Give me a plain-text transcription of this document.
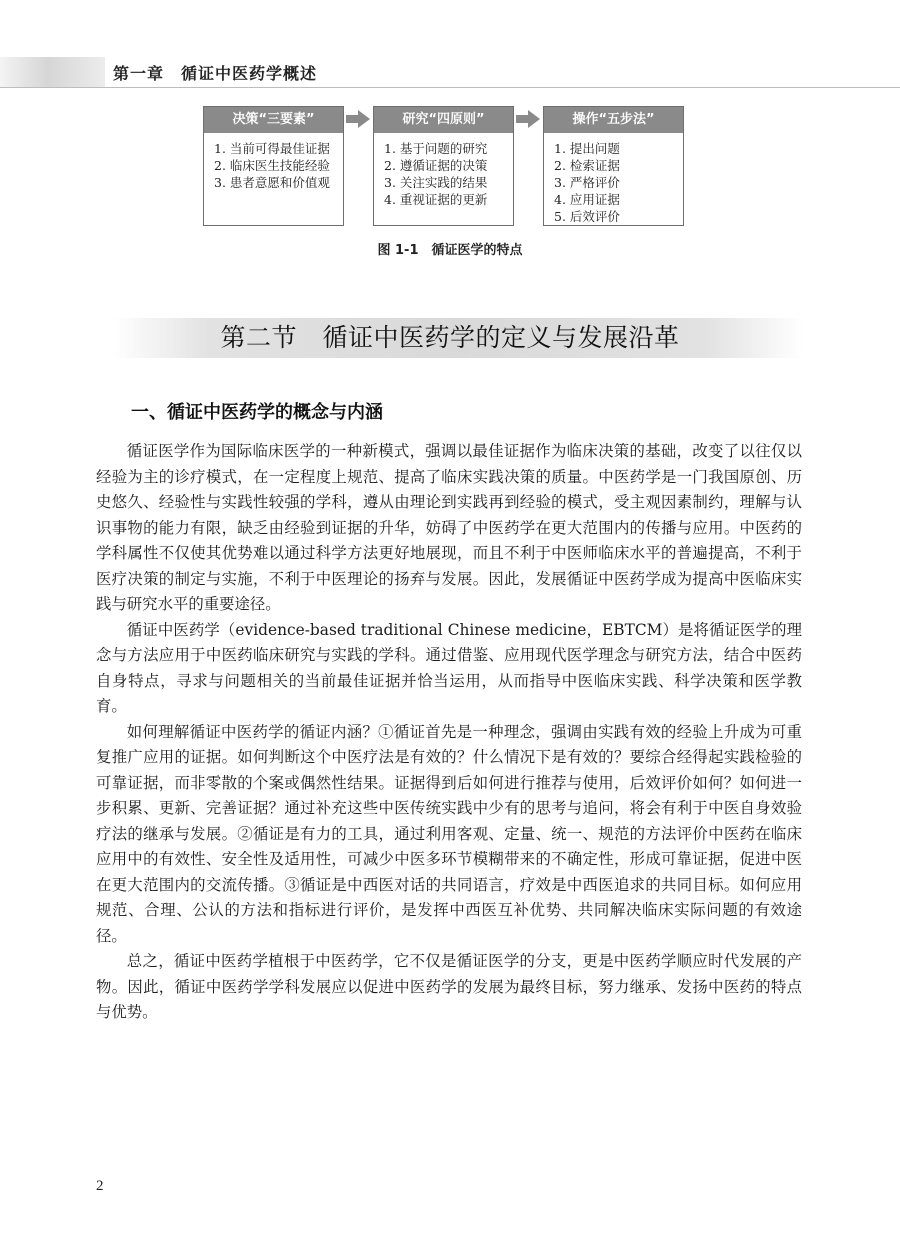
第一章　循证中医药学概述
决策“三要素”
1. 当前可得最佳证据
2. 临床医生技能经验
3. 患者意愿和价值观
研究“四原则”
1. 基于问题的研究
2. 遵循证据的决策
3. 关注实践的结果
4. 重视证据的更新
操作“五步法”
1. 提出问题
2. 检索证据
3. 严格评价
4. 应用证据
5. 后效评价
图 1-1　循证医学的特点
第二节　循证中医药学的定义与发展沿革
一、循证中医药学的概念与内涵

循证医学作为国际临床医学的一种新模式，强调以最佳证据作为临床决策的基础，改变了以往仅以经验为主的诊疗模式，在一定程度上规范、提高了临床实践决策的质量。中医药学是一门我国原创、历史悠久、经验性与实践性较强的学科，遵从由理论到实践再到经验的模式，受主观因素制约，理解与认识事物的能力有限，缺乏由经验到证据的升华，妨碍了中医药学在更大范围内的传播与应用。中医药的学科属性不仅使其优势难以通过科学方法更好地展现，而且不利于中医师临床水平的普遍提高，不利于医疗决策的制定与实施，不利于中医理论的扬弃与发展。因此，发展循证中医药学成为提高中医临床实践与研究水平的重要途径。

循证中医药学（evidence-based traditional Chinese medicine，EBTCM）是将循证医学的理念与方法应用于中医药临床研究与实践的学科。通过借鉴、应用现代医学理念与研究方法，结合中医药自身特点，寻求与问题相关的当前最佳证据并恰当运用，从而指导中医临床实践、科学决策和医学教育。

如何理解循证中医药学的循证内涵？①循证首先是一种理念，强调由实践有效的经验上升成为可重复推广应用的证据。如何判断这个中医疗法是有效的？什么情况下是有效的？要综合经得起实践检验的可靠证据，而非零散的个案或偶然性结果。证据得到后如何进行推荐与使用，后效评价如何？如何进一步积累、更新、完善证据？通过补充这些中医传统实践中少有的思考与追问，将会有利于中医自身效验疗法的继承与发展。②循证是有力的工具，通过利用客观、定量、统一、规范的方法评价中医药在临床应用中的有效性、安全性及适用性，可减少中医多环节模糊带来的不确定性，形成可靠证据，促进中医在更大范围内的交流传播。③循证是中西医对话的共同语言，疗效是中西医追求的共同目标。如何应用规范、合理、公认的方法和指标进行评价，是发挥中西医互补优势、共同解决临床实际问题的有效途径。

总之，循证中医药学植根于中医药学，它不仅是循证医学的分支，更是中医药学顺应时代发展的产物。因此，循证中医药学学科发展应以促进中医药学的发展为最终目标，努力继承、发扬中医药的特点与优势。

2
